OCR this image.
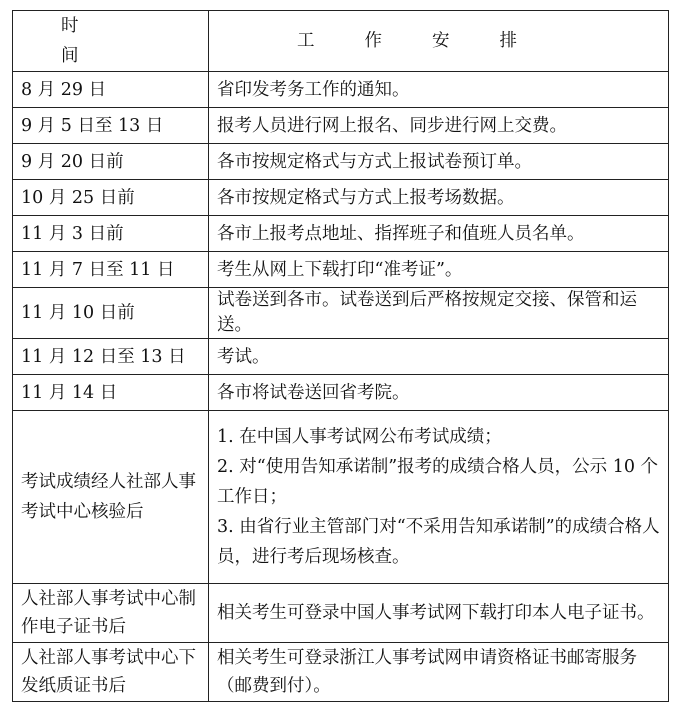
时间	工作安排

8 月 29 日	省印发考务工作的通知。
9 月 5 日至 13 日	报考人员进行网上报名、同步进行网上交费。
9 月 20 日前	各市按规定格式与方式上报试卷预订单。
10 月 25 日前	各市按规定格式与方式上报考场数据。
11 月 3 日前	各市上报考点地址、指挥班子和值班人员名单。
11 月 7 日至 11 日	考生从网上下载打印“准考证”。
11 月 10 日前	试卷送到各市。试卷送到后严格按规定交接、保管和运送。
11 月 12 日至 13 日	考试。
11 月 14 日	各市将试卷送回省考院。
考试成绩经人社部人事考试中心核验后	1. 在中国人事考试网公布考试成绩；
2. 对“使用告知承诺制”报考的成绩合格人员，公示 10 个工作日；
3. 由省行业主管部门对“不采用告知承诺制”的成绩合格人员，进行考后现场核查。

人社部人事考试中心制作电子证书后	相关考生可登录中国人事考试网下载打印本人电子证书。
人社部人事考试中心下发纸质证书后	相关考生可登录浙江人事考试网申请资格证书邮寄服务（邮费到付）。
